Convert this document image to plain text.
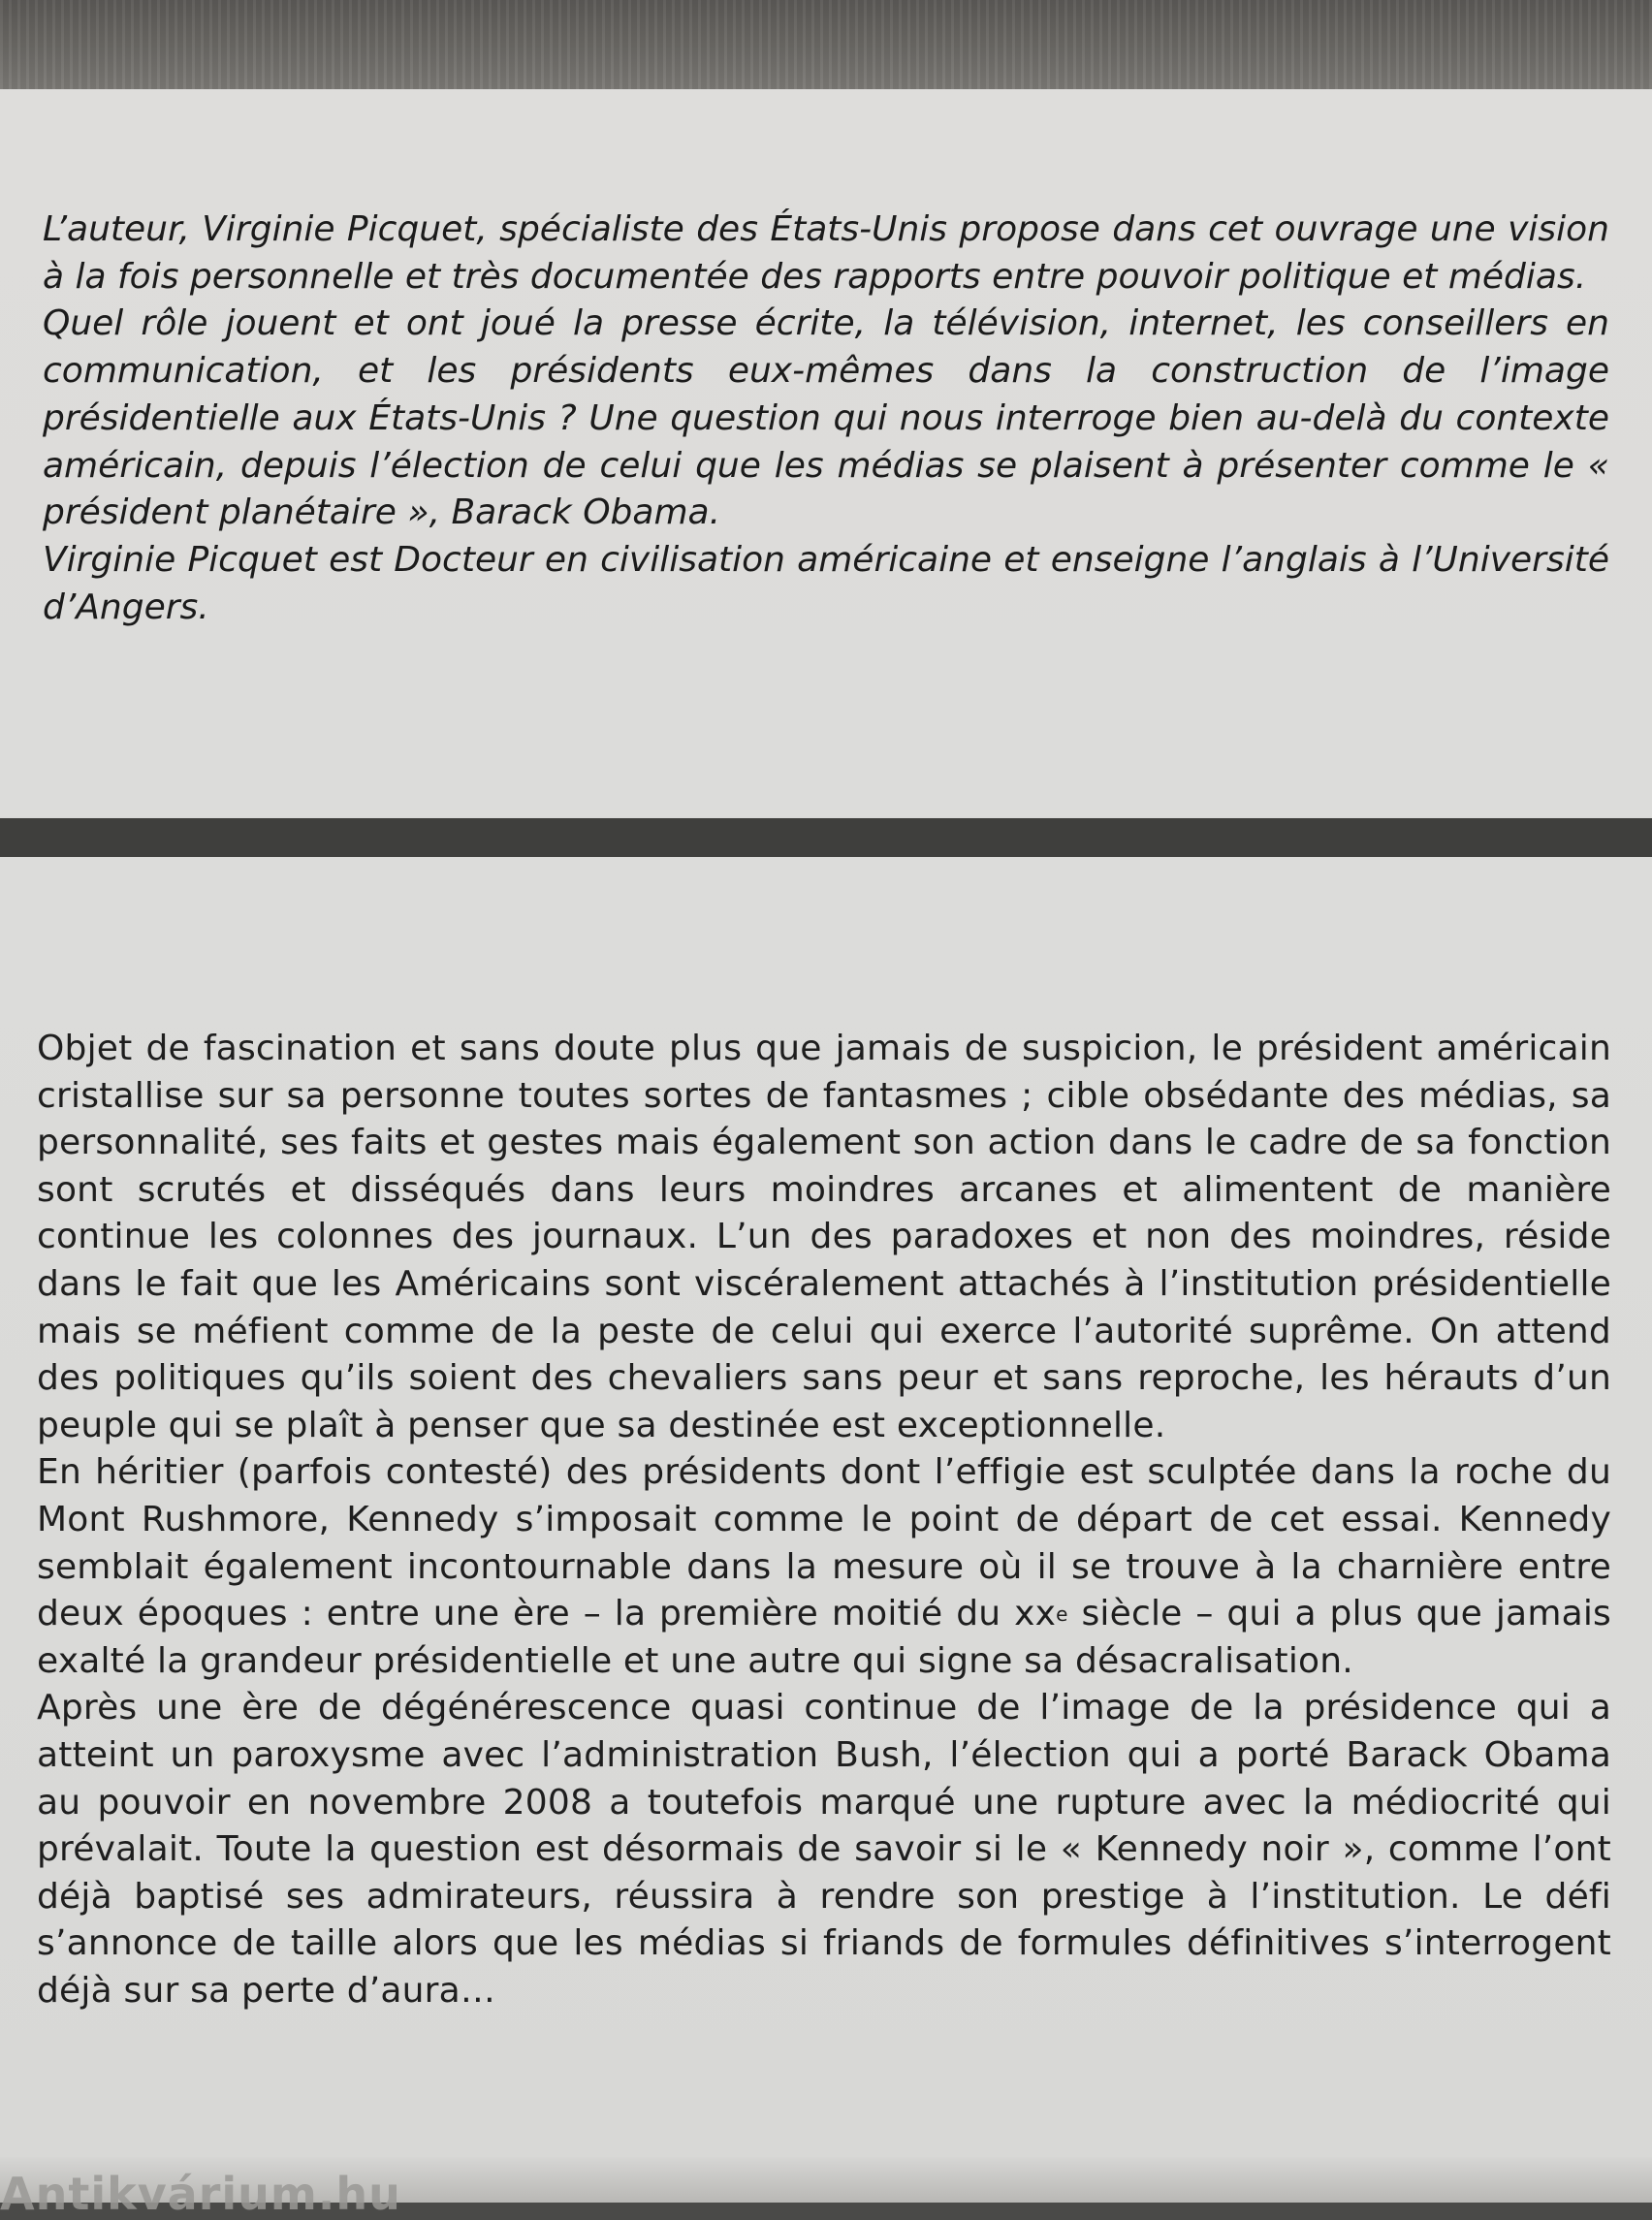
L’auteur, Virginie Picquet, spécialiste des États-Unis propose dans cet ouvrage une vision à la fois personnelle et très documentée des rapports entre pouvoir politique et médias.

Quel rôle jouent et ont joué la presse écrite, la télévision, internet, les conseillers en communication, et les présidents eux-mêmes dans la construction de l’image présidentielle aux États-Unis ? Une question qui nous interroge bien au-delà du contexte américain, depuis l’élection de celui que les médias se plaisent à présenter comme le « président planétaire », Barack Obama.

Virginie Picquet est Docteur en civilisation américaine et enseigne l’anglais à l’Université d’Angers.

Objet de fascination et sans doute plus que jamais de suspicion, le président américain cristallise sur sa personne toutes sortes de fantasmes ; cible obsédante des médias, sa personnalité, ses faits et gestes mais également son action dans le cadre de sa fonction sont scrutés et disséqués dans leurs moindres arcanes et alimentent de manière continue les colonnes des journaux. L’un des paradoxes et non des moindres, réside dans le fait que les Américains sont viscéralement attachés à l’institution présidentielle mais se méfient comme de la peste de celui qui exerce l’autorité suprême. On attend des politiques qu’ils soient des chevaliers sans peur et sans reproche, les hérauts d’un peuple qui se plaît à penser que sa destinée est exceptionnelle.

En héritier (parfois contesté) des présidents dont l’effigie est sculptée dans la roche du Mont Rushmore, Kennedy s’imposait comme le point de départ de cet essai. Kennedy semblait également incontournable dans la mesure où il se trouve à la charnière entre deux époques : entre une ère – la première moitié du $xx^e$ siècle – qui a plus que jamais exalté la grandeur présidentielle et une autre qui signe sa désacralisation.

Après une ère de dégénérescence quasi continue de l’image de la présidence qui a atteint un paroxysme avec l’administration Bush, l’élection qui a porté Barack Obama au pouvoir en novembre 2008 a toutefois marqué une rupture avec la médiocrité qui prévalait. Toute la question est désormais de savoir si le « Kennedy noir », comme l’ont déjà baptisé ses admirateurs, réussira à rendre son prestige à l’institution. Le défi s’annonce de taille alors que les médias si friands de formules définitives s’interrogent déjà sur sa perte d’aura…

Antikvárium.hu
